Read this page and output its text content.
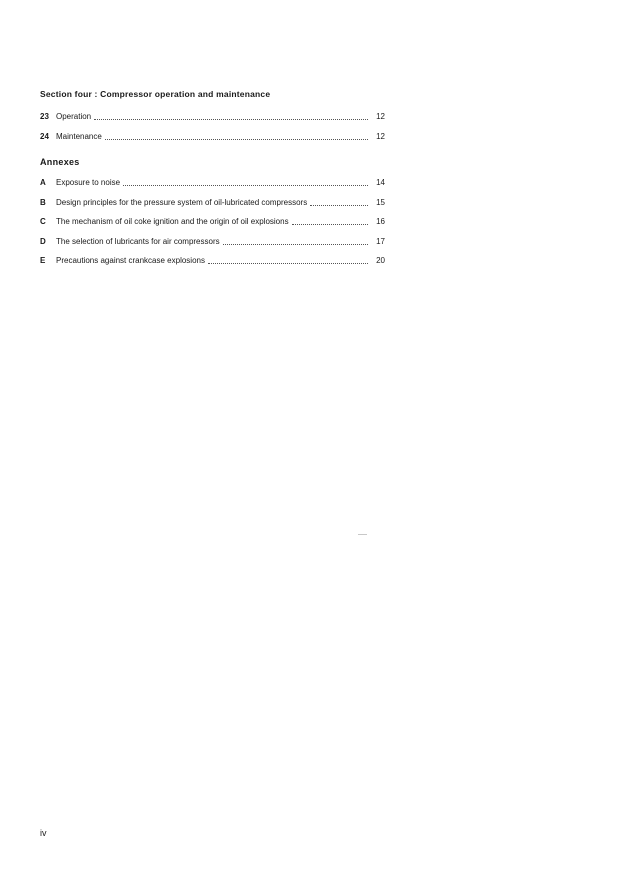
Section four : Compressor operation and maintenance
23 Operation	12
24 Maintenance	12
Annexes
A	Exposure to noise	14
B	Design principles for the pressure system of oil-lubricated compressors	15
C	The mechanism of oil coke ignition and the origin of oil explosions	16
D	The selection of lubricants for air compressors	17
E	Precautions against crankcase explosions	20
iv
